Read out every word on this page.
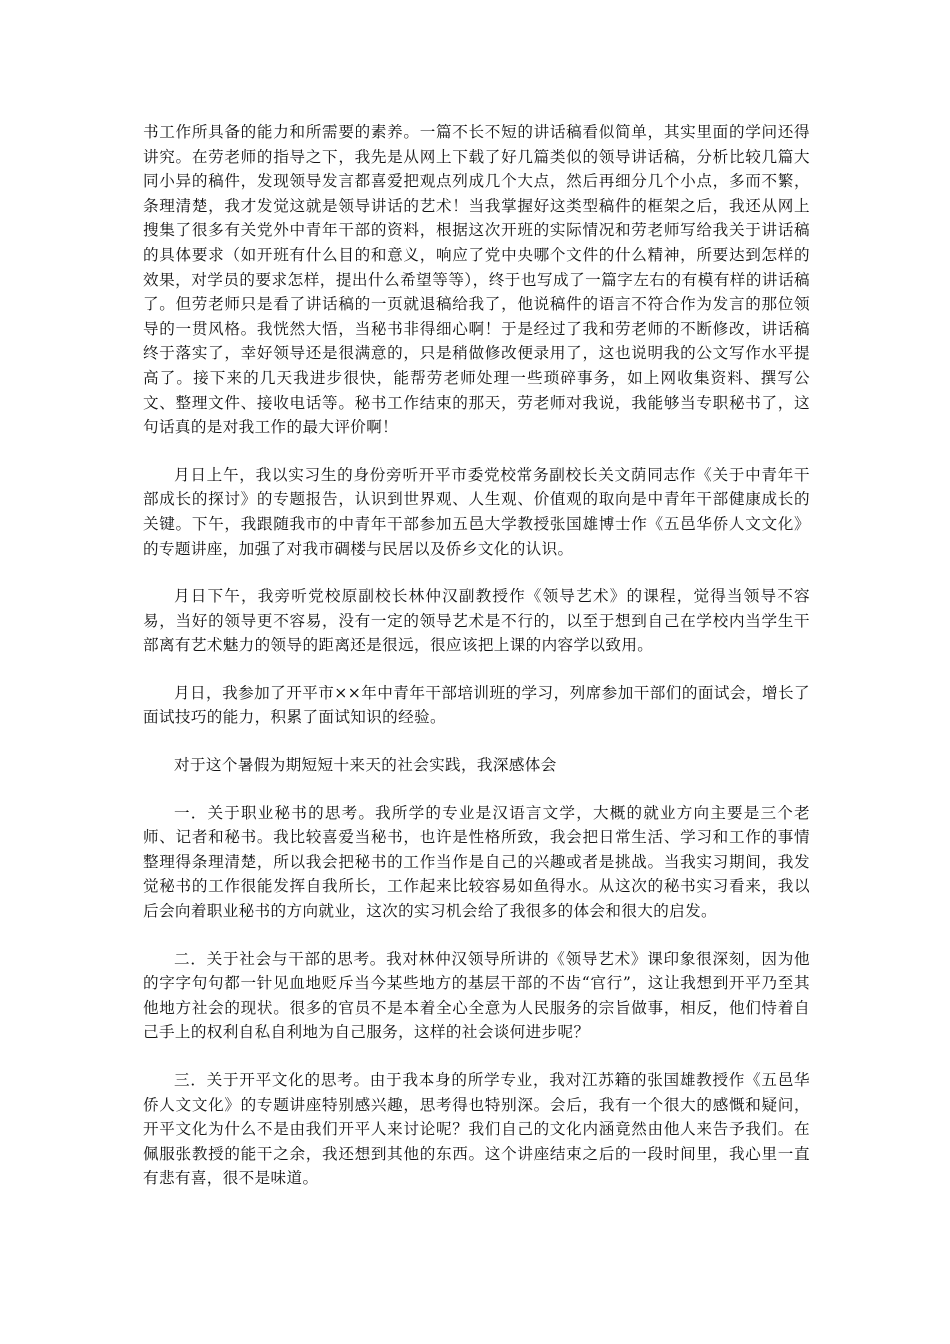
书工作所具备的能力和所需要的素养。一篇不长不短的讲话稿看似简单，其实里面的学问还得讲究。在劳老师的指导之下，我先是从网上下载了好几篇类似的领导讲话稿，分析比较几篇大同小异的稿件，发现领导发言都喜爱把观点列成几个大点，然后再细分几个小点，多而不繁，条理清楚，我才发觉这就是领导讲话的艺术！当我掌握好这类型稿件的框架之后，我还从网上搜集了很多有关党外中青年干部的资料，根据这次开班的实际情况和劳老师写给我关于讲话稿的具体要求（如开班有什么目的和意义，响应了党中央哪个文件的什么精神，所要达到怎样的效果，对学员的要求怎样，提出什么希望等等），终于也写成了一篇字左右的有模有样的讲话稿了。但劳老师只是看了讲话稿的一页就退稿给我了，他说稿件的语言不符合作为发言的那位领导的一贯风格。我恍然大悟，当秘书非得细心啊！于是经过了我和劳老师的不断修改，讲话稿终于落实了，幸好领导还是很满意的，只是稍做修改便录用了，这也说明我的公文写作水平提高了。接下来的几天我进步很快，能帮劳老师处理一些琐碎事务，如上网收集资料、撰写公文、整理文件、接收电话等。秘书工作结束的那天，劳老师对我说，我能够当专职秘书了，这句话真的是对我工作的最大评价啊！

月日上午，我以实习生的身份旁听开平市委党校常务副校长关文荫同志作《关于中青年干部成长的探讨》的专题报告，认识到世界观、人生观、价值观的取向是中青年干部健康成长的关键。下午，我跟随我市的中青年干部参加五邑大学教授张国雄博士作《五邑华侨人文文化》的专题讲座，加强了对我市碉楼与民居以及侨乡文化的认识。

月日下午，我旁听党校原副校长林仲汉副教授作《领导艺术》的课程，觉得当领导不容易，当好的领导更不容易，没有一定的领导艺术是不行的，以至于想到自己在学校内当学生干部离有艺术魅力的领导的距离还是很远，很应该把上课的内容学以致用。

月日，我参加了开平市××年中青年干部培训班的学习，列席参加干部们的面试会，增长了面试技巧的能力，积累了面试知识的经验。

对于这个暑假为期短短十来天的社会实践，我深感体会

一．关于职业秘书的思考。我所学的专业是汉语言文学，大概的就业方向主要是三个老师、记者和秘书。我比较喜爱当秘书，也许是性格所致，我会把日常生活、学习和工作的事情整理得条理清楚，所以我会把秘书的工作当作是自己的兴趣或者是挑战。当我实习期间，我发觉秘书的工作很能发挥自我所长，工作起来比较容易如鱼得水。从这次的秘书实习看来，我以后会向着职业秘书的方向就业，这次的实习机会给了我很多的体会和很大的启发。

二．关于社会与干部的思考。我对林仲汉领导所讲的《领导艺术》课印象很深刻，因为他的字字句句都一针见血地贬斥当今某些地方的基层干部的不齿“官行”，这让我想到开平乃至其他地方社会的现状。很多的官员不是本着全心全意为人民服务的宗旨做事，相反，他们恃着自己手上的权利自私自利地为自己服务，这样的社会谈何进步呢？

三．关于开平文化的思考。由于我本身的所学专业，我对江苏籍的张国雄教授作《五邑华侨人文文化》的专题讲座特别感兴趣，思考得也特别深。会后，我有一个很大的感慨和疑问，开平文化为什么不是由我们开平人来讨论呢？我们自己的文化内涵竟然由他人来告予我们。在佩服张教授的能干之余，我还想到其他的东西。这个讲座结束之后的一段时间里，我心里一直有悲有喜，很不是味道。
